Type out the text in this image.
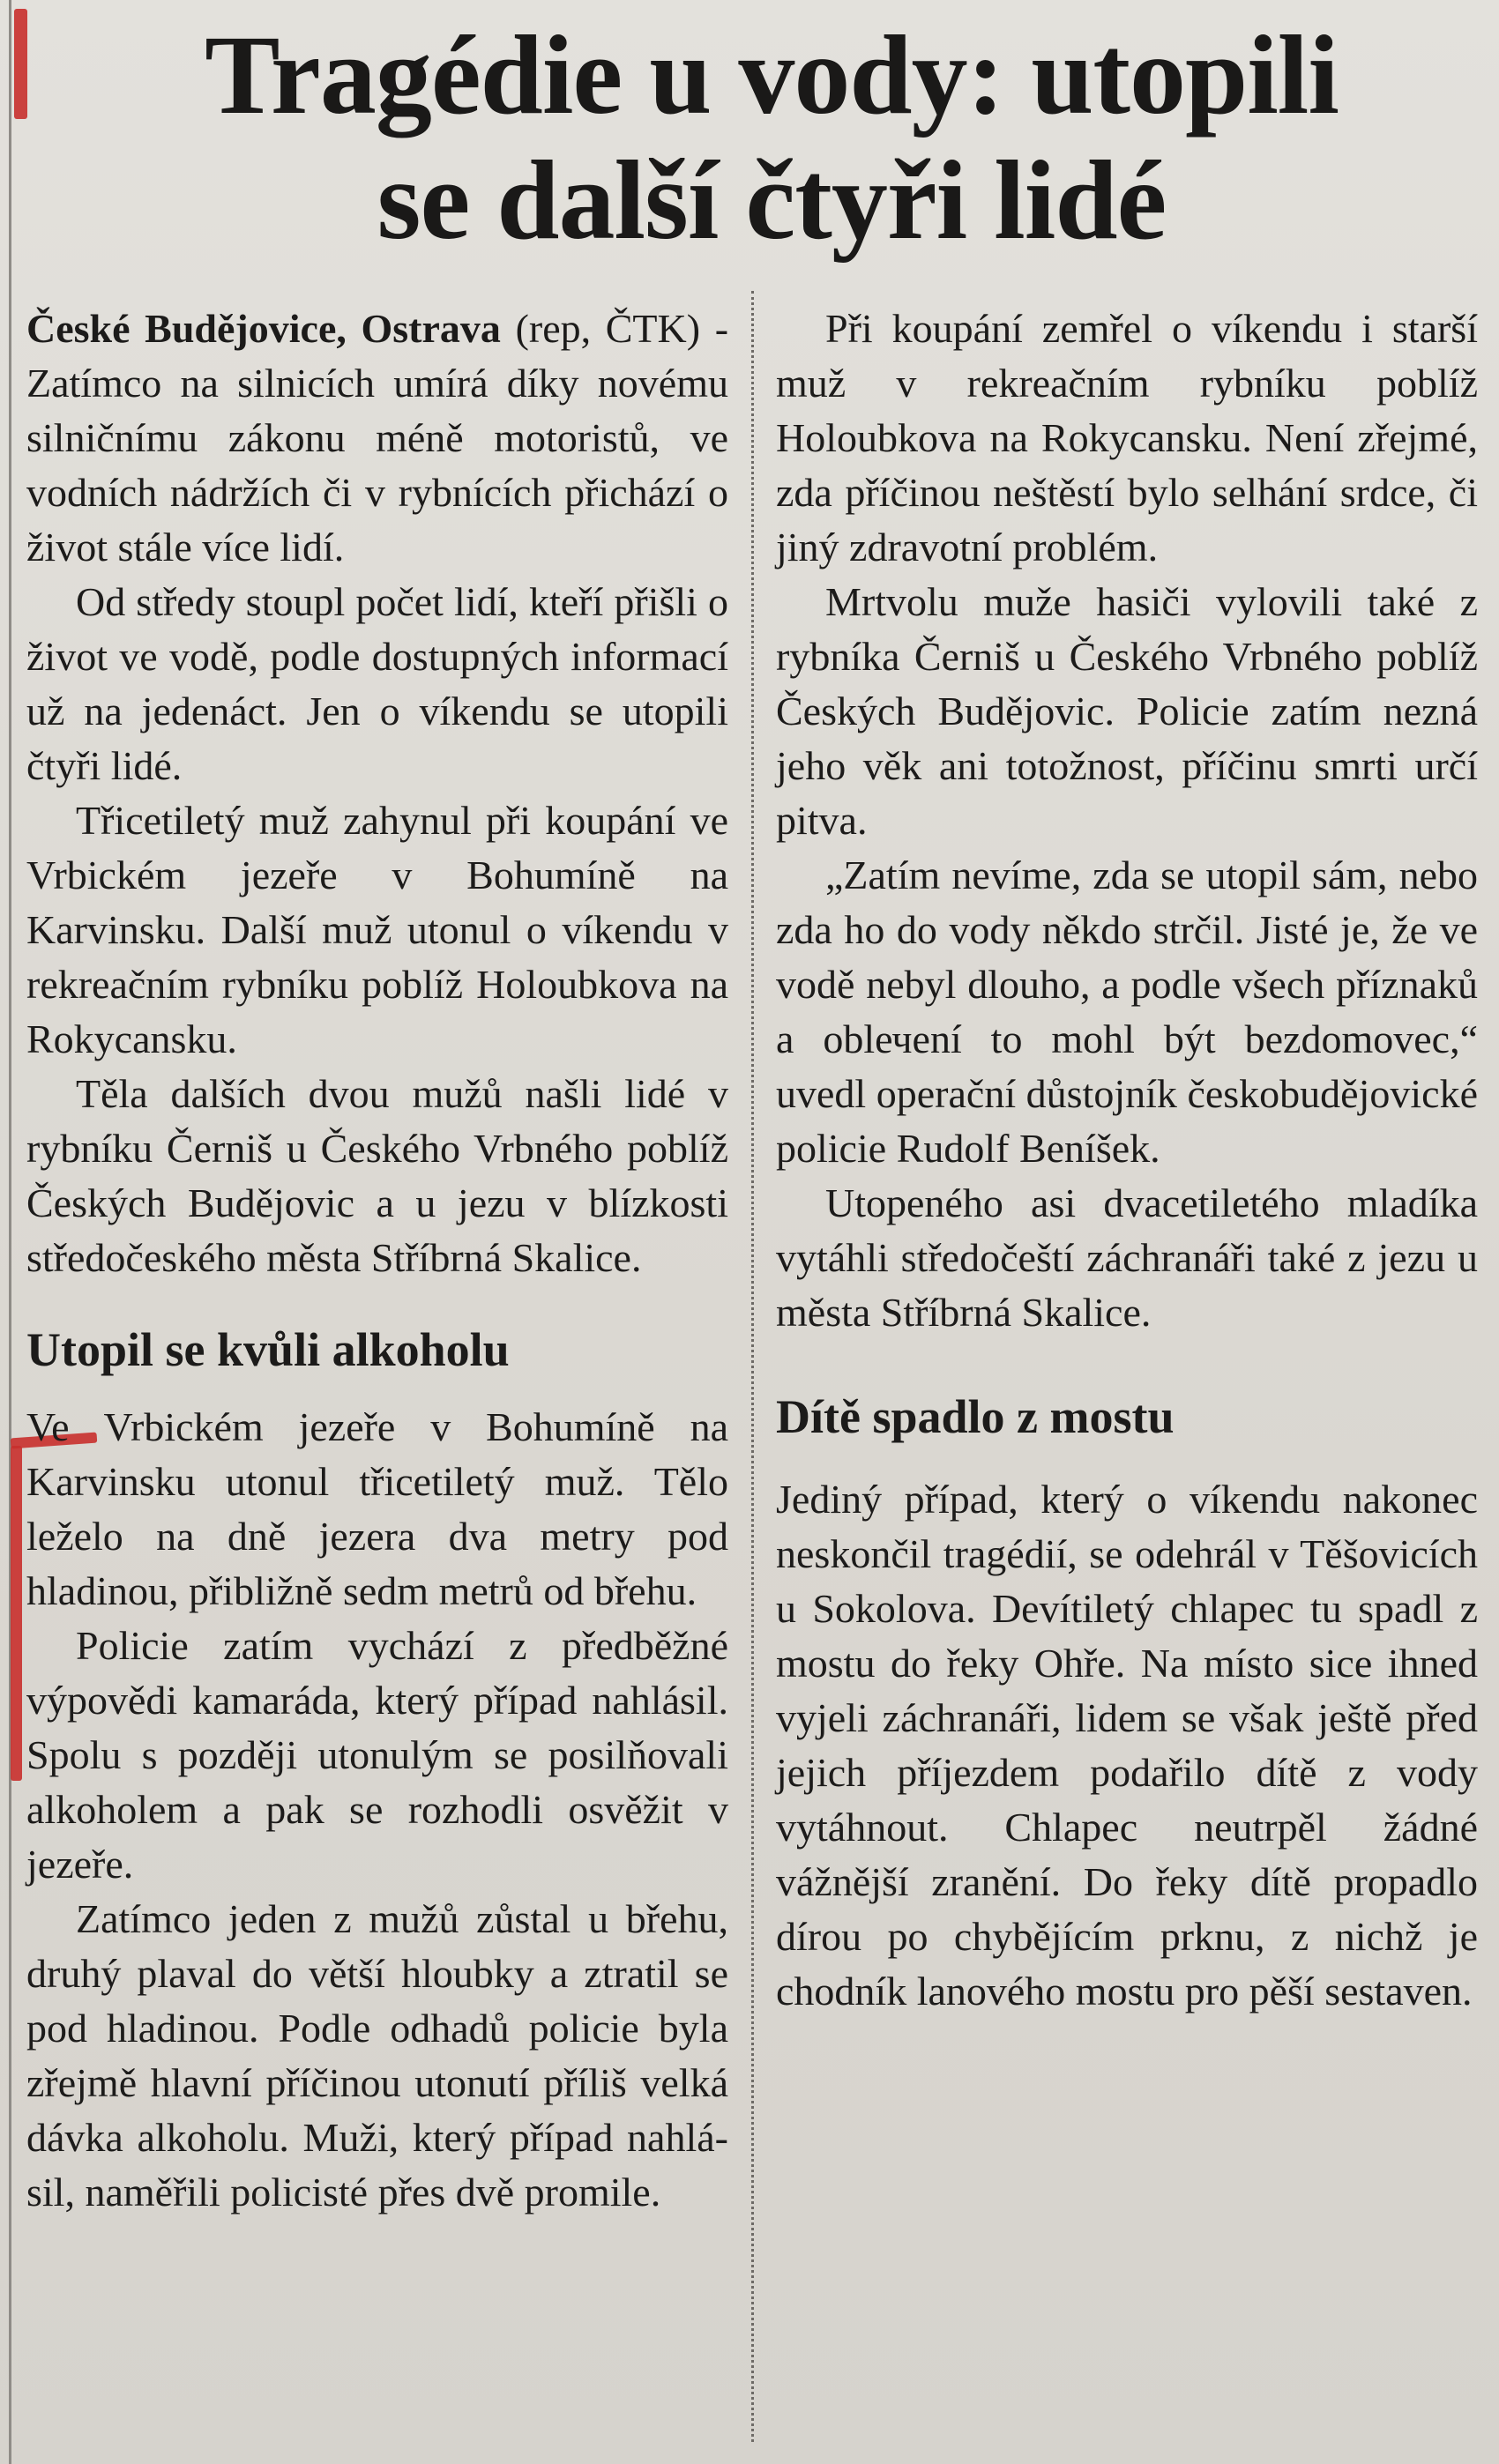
Tragédie u vody: utopili
se další čtyři lidé

České Budějovice, Ostrava (rep, ČTK) - Zatímco na silnicích umírá díky novému silničnímu zákonu méně motoristů, ve vodních nádržích či v rybnících přichází o život stále více lidí.

Od středy stoupl počet lidí, kteří přišli o život ve vodě, podle dostupných informací už na jedenáct. Jen o víkendu se utopili čtyři lidé.

Třicetiletý muž zahynul při koupání ve Vrbickém jezeře v Bohumíně na Karvinsku. Další muž utonul o víkendu v rekreačním rybníku poblíž Holoubkova na Rokycansku.

Těla dalších dvou mužů našli lidé v rybníku Černiš u Českého Vrbného poblíž Českých Budějovic a u jezu v blízkosti středočeského města Stříbrná Skalice.

Utopil se kvůli alkoholu

Ve Vrbickém jezeře v Bohumíně na Karvinsku utonul třicetiletý muž. Tělo leželo na dně jezera dva metry pod hladinou, přibližně sedm metrů od břehu.

Policie zatím vychází z předběžné výpovědi kamaráda, který případ nahlásil. Spolu s později utonulým se posilňovali alkoholem a pak se rozhodli osvěžit v jezeře.

Zatímco jeden z mužů zůstal u břehu, druhý plaval do větší hloubky a ztratil se pod hladinou. Podle odhadů policie byla zřejmě hlavní příčinou utonutí příliš velká dávka alkoholu. Muži, který případ nahlásil, naměřili policisté přes dvě promile.

Při koupání zemřel o víkendu i starší muž v rekreačním rybníku poblíž Holoubkova na Rokycansku. Není zřejmé, zda příčinou neštěstí bylo selhání srdce, či jiný zdravotní problém.

Mrtvolu muže hasiči vylovili také z rybníka Černiš u Českého Vrbného poblíž Českých Budějovic. Policie zatím nezná jeho věk ani totožnost, příčinu smrti určí pitva.

„Zatím nevíme, zda se utopil sám, nebo zda ho do vody někdo strčil. Jisté je, že ve vodě nebyl dlouho, a podle všech příznaků a oblечеní to mohl být bezdomovec,“ uvedl operační důstojník českobudějovické policie Rudolf Beníšek.

Utopeného asi dvacetiletého mladíka vytáhli středočeští záchranáři také z jezu u města Stříbrná Skalice.

Dítě spadlo z mostu

Jediný případ, který o víkendu nakonec neskončil tragédií, se odehrál v Těšovicích u Sokolova. Devítiletý chlapec tu spadl z mostu do řeky Ohře. Na místo sice ihned vyjeli záchranáři, lidem se však ještě před jejich příjezdem podařilo dítě z vody vytáhnout. Chlapec neutrpěl žádné vážnější zranění. Do řeky dítě propadlo dírou po chybějícím prknu, z nichž je chodník lanového mostu pro pěší sestaven.
